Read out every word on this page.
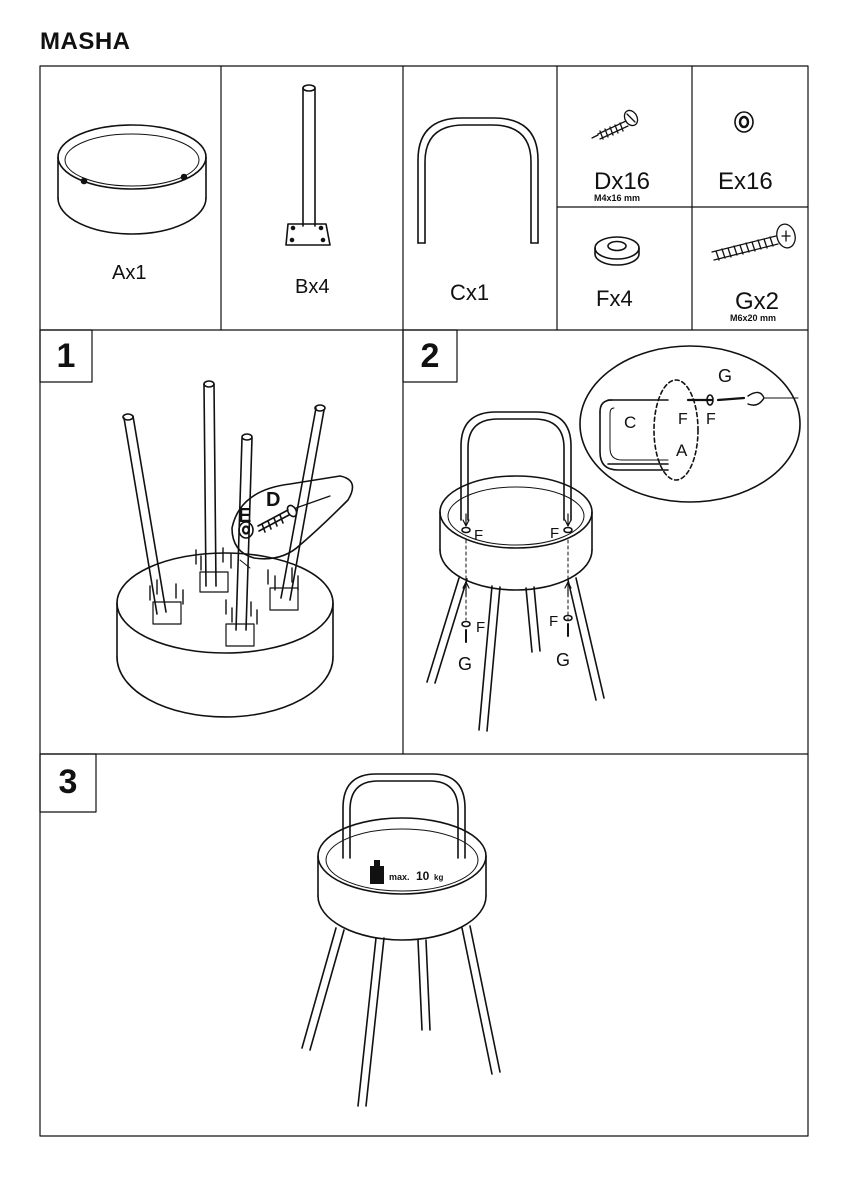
MASHA
E
D
G
C	F
A
F
F	F
F
G
F
G
max. 10 kg
Ax1
Bx4	Cx1
Dx16
M4x16 mm
Ex16
Fx4	Gx2
M6x20 mm
1	2
3
